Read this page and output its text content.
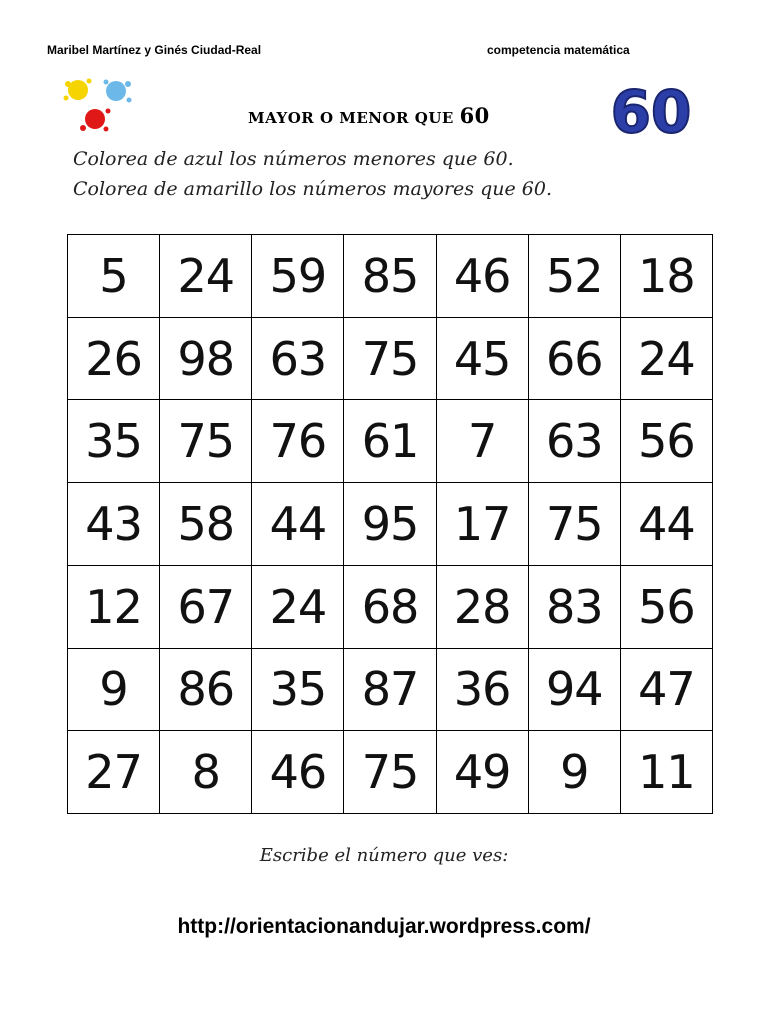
Maribel Martínez y Ginés Ciudad-Real	competencia matemática
MAYOR O MENOR QUE 60 60
Colorea de azul los números menores que 60.
Colorea de amarillo los números mayores que 60.
5	24	59	85	46	52	18
26	98	63	75	45	66	24
35	75	76	61	7	63	56
43	58	44	95	17	75	44
12	67	24	68	28	83	56
9	86	35	87	36	94	47
27	8	46	75	49	9	11
Escribe el número que ves:
http://orientacionandujar.wordpress.com/
